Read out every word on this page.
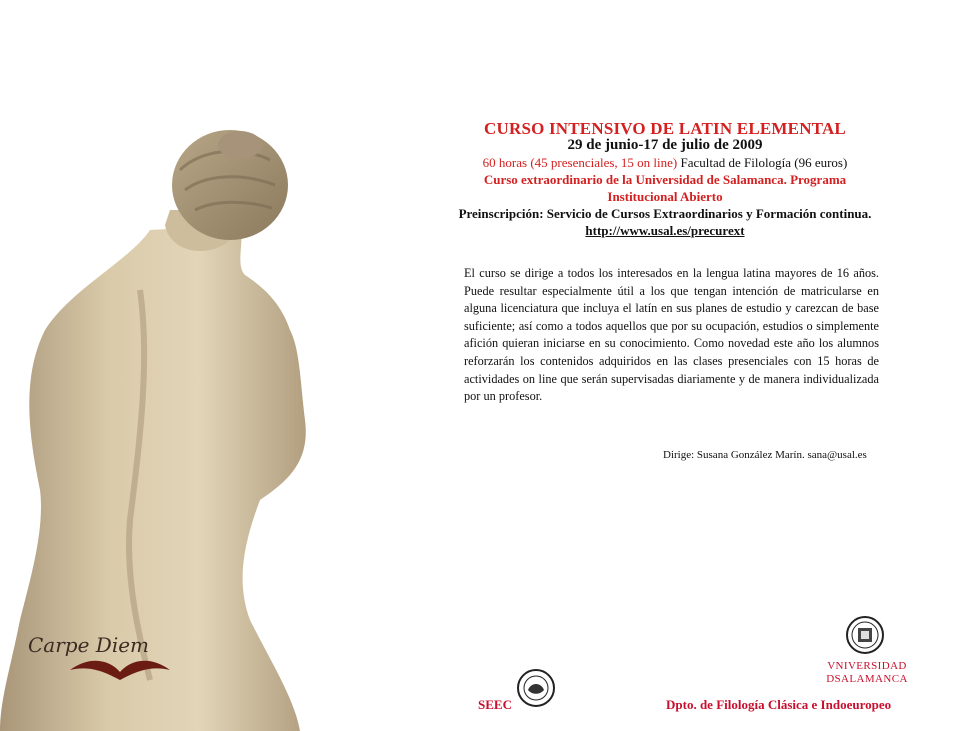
Carpe Diem
CURSO INTENSIVO DE LATIN ELEMENTAL
29 de junio-17 de julio de 2009
60 horas (45 presenciales, 15 on line) Facultad de Filología (96 euros)
Curso extraordinario de la Universidad de Salamanca. Programa Institucional Abierto
Preinscripción: Servicio de Cursos Extraordinarios y Formación continua. http://www.usal.es/precurext

El curso se dirige a todos los interesados en la lengua latina mayores de 16 años. Puede resultar especialmente útil a los que tengan intención de matricularse en alguna licenciatura que incluya el latín en sus planes de estudio y carezcan de base suficiente; así como a todos aquellos que por su ocupación, estudios o simplemente afición quieran iniciarse en su conocimiento. Como novedad este año los alumnos reforzarán los contenidos adquiridos en las clases presenciales con 15 horas de actividades on line que serán supervisadas diariamente y de manera individualizada por un profesor.

Dirige: Susana González Marín. sana@usal.es
SEEC
VNIVERSIDAD
DSALAMANCA
Dpto. de Filología Clásica e Indoeuropeo
